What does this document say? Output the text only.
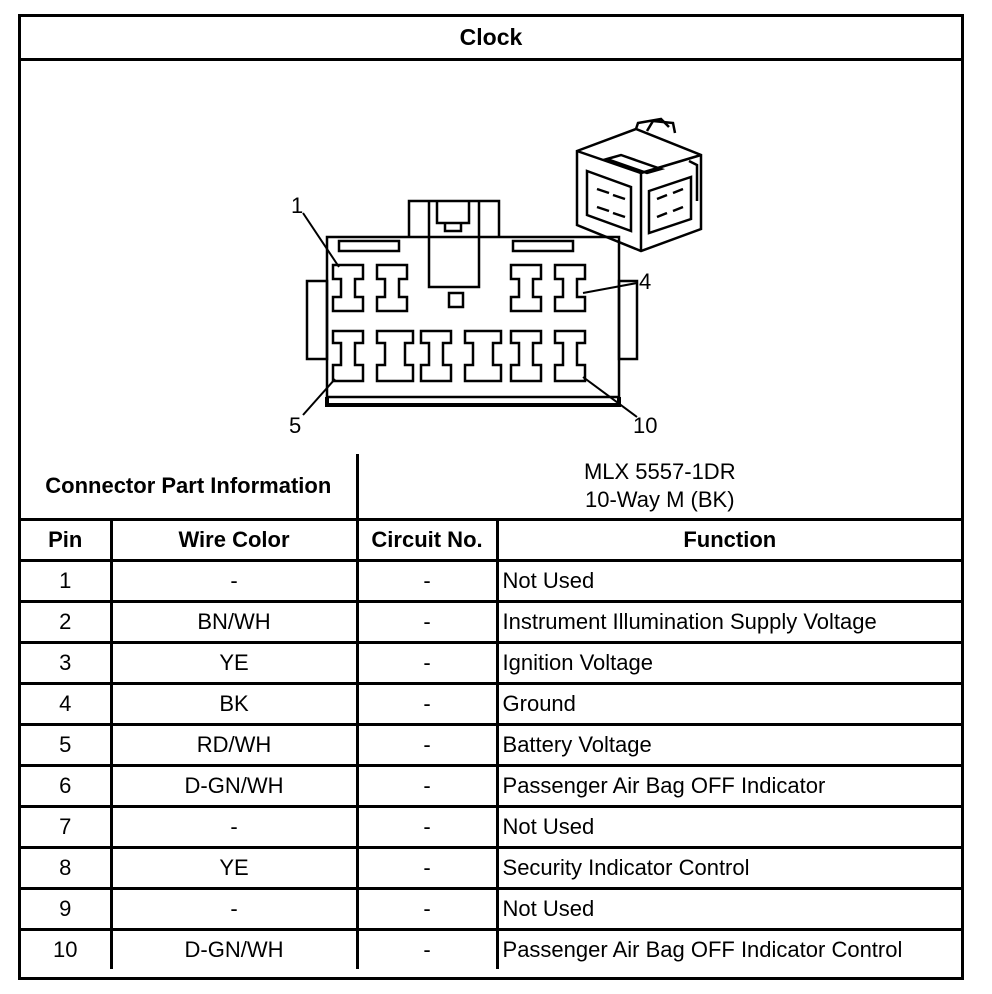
Clock
1
4
5	10
Connector Part Information		MLX 5557-1DR
10-Way M (BK)	

Pin	Wire Color	Circuit No.	Function
1	-	-	Not Used
2	BN/WH	-	Instrument Illumination Supply Voltage
3	YE	-	Ignition Voltage
4	BK	-	Ground
5	RD/WH	-	Battery Voltage
6	D-GN/WH	-	Passenger Air Bag OFF Indicator
7	-	-	Not Used
8	YE	-	Security Indicator Control
9	-	-	Not Used
10	D-GN/WH	-	Passenger Air Bag OFF Indicator Control
